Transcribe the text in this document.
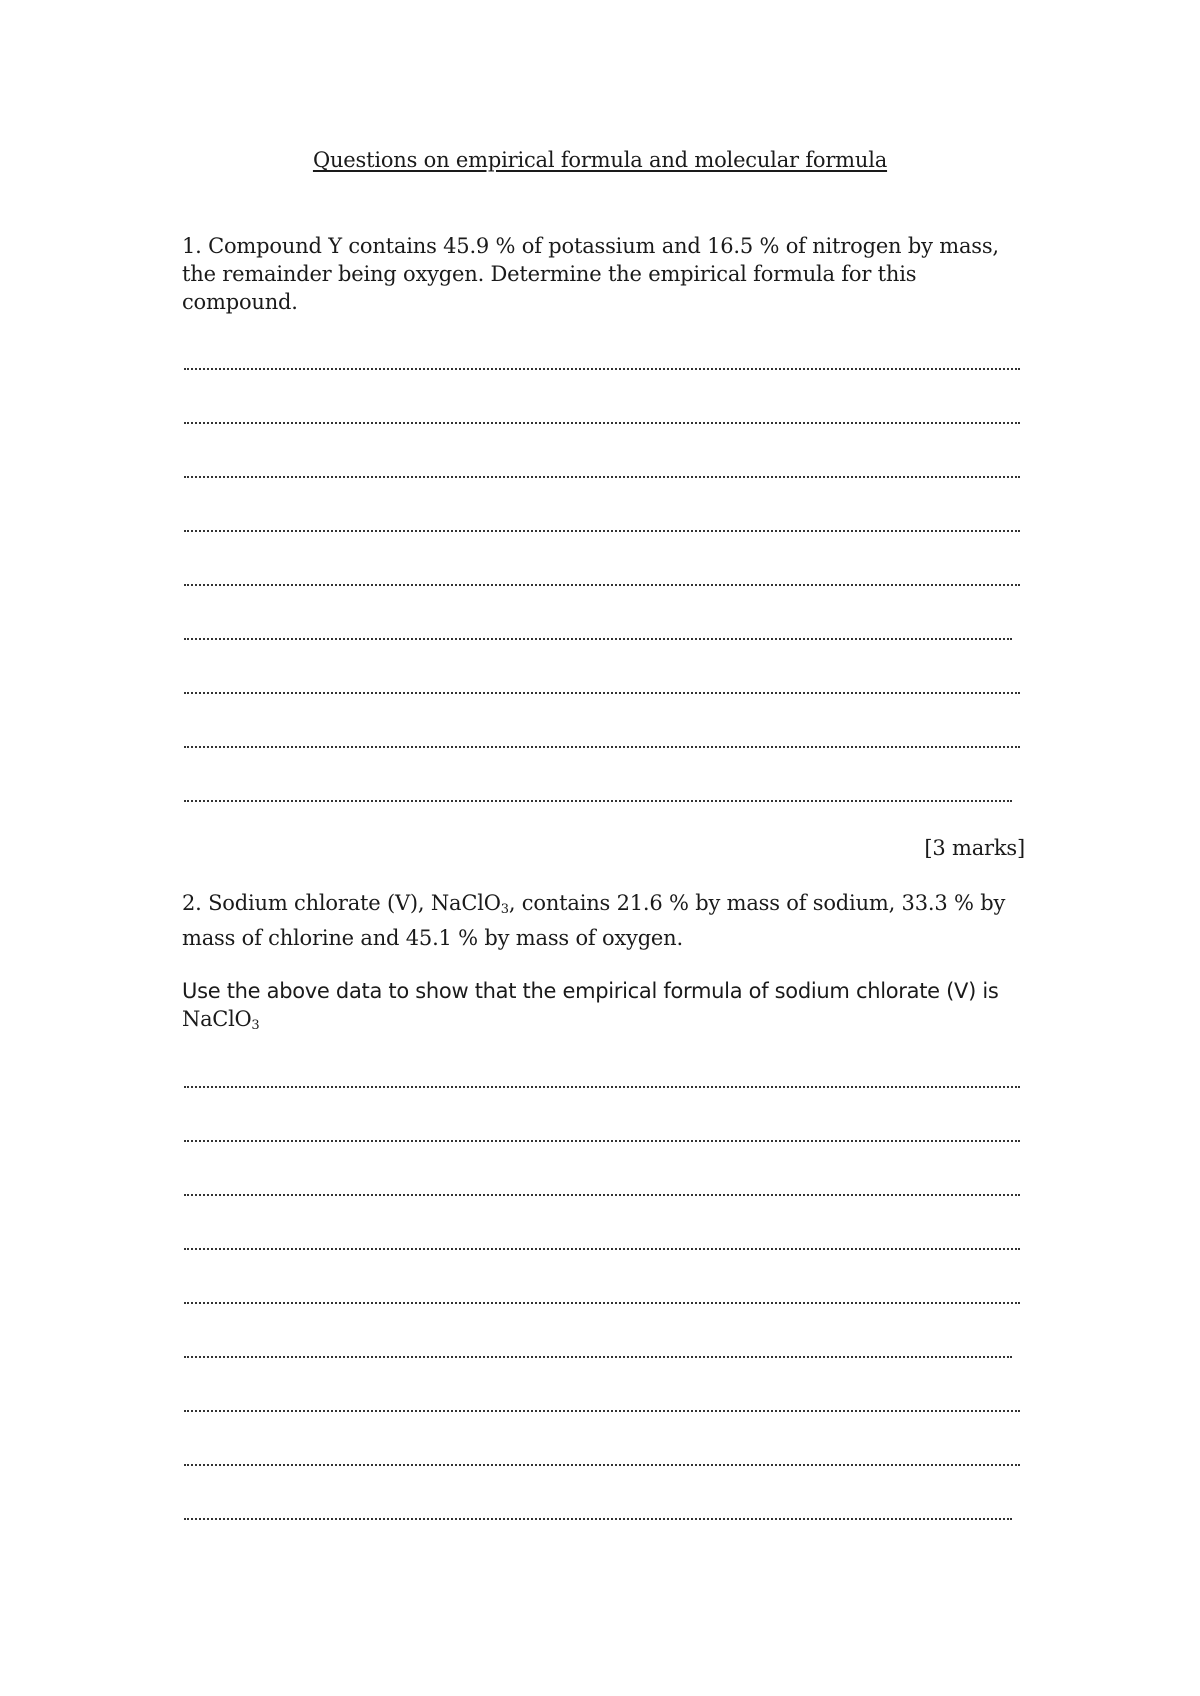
Questions on empirical formula and molecular formula
1. Compound Y contains 45.9 % of potassium and 16.5 % of nitrogen by mass, the remainder being oxygen. Determine the empirical formula for this compound.
[3 marks]
2. Sodium chlorate (V), NaClO$_3$, contains 21.6 % by mass of sodium, 33.3 % by mass of chlorine and 45.1 % by mass of oxygen.
Use the above data to show that the empirical formula of sodium chlorate (V) is
NaClO$_3$
